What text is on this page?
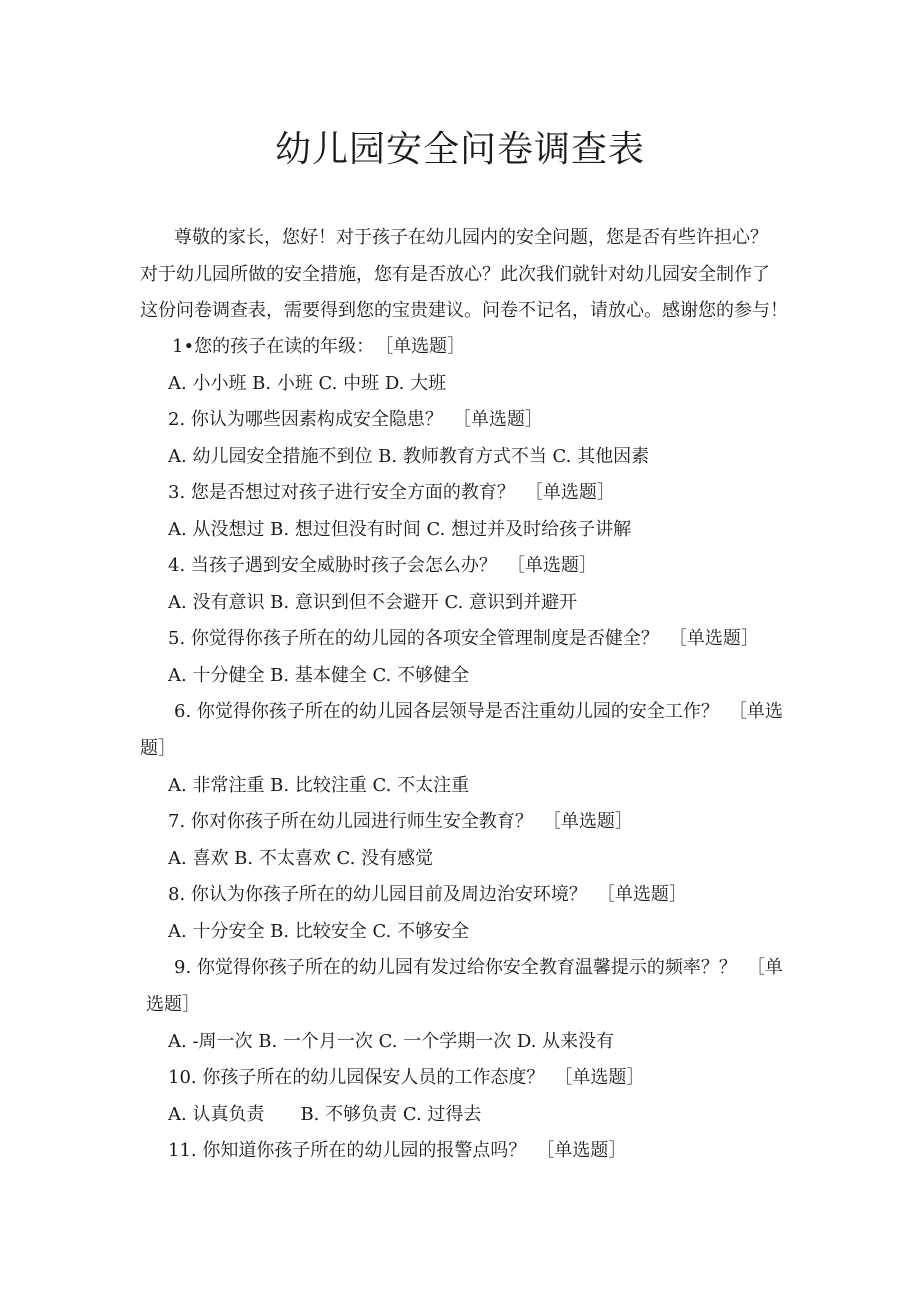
幼儿园安全问卷调查表

尊敬的家长，您好！对于孩子在幼儿园内的安全问题，您是否有些许担心？
对于幼儿园所做的安全措施，您有是否放心？此次我们就针对幼儿园安全制作了
这份问卷调查表，需要得到您的宝贵建议。问卷不记名，请放心。感谢您的参与！

1•您的孩子在读的年级： ［单选题］

A. 小小班 B. 小班 C. 中班 D. 大班

2. 你认为哪些因素构成安全隐患？ ［单选题］

A. 幼儿园安全措施不到位 B. 教师教育方式不当 C. 其他因素

3. 您是否想过对孩子进行安全方面的教育？ ［单选题］

A. 从没想过 B. 想过但没有时间 C. 想过并及时给孩子讲解

4. 当孩子遇到安全威胁时孩子会怎么办？ ［单选题］

A. 没有意识 B. 意识到但不会避开 C. 意识到并避开

5. 你觉得你孩子所在的幼儿园的各项安全管理制度是否健全？ ［单选题］

A. 十分健全 B. 基本健全 C. 不够健全

6. 你觉得你孩子所在的幼儿园各层领导是否注重幼儿园的安全工作？ ［单选题］

A. 非常注重 B. 比较注重 C. 不太注重

7. 你对你孩子所在幼儿园进行师生安全教育？ ［单选题］

A. 喜欢 B. 不太喜欢 C. 没有感觉

8. 你认为你孩子所在的幼儿园目前及周边治安环境？ ［单选题］

A. 十分安全 B. 比较安全 C. 不够安全

9. 你觉得你孩子所在的幼儿园有发过给你安全教育温馨提示的频率？？ ［单选题］

A. -周一次 B. 一个月一次 C. 一个学期一次 D. 从来没有

10. 你孩子所在的幼儿园保安人员的工作态度？ ［单选题］

A. 认真负责　　B. 不够负责 C. 过得去

11. 你知道你孩子所在的幼儿园的报警点吗？ ［单选题］
